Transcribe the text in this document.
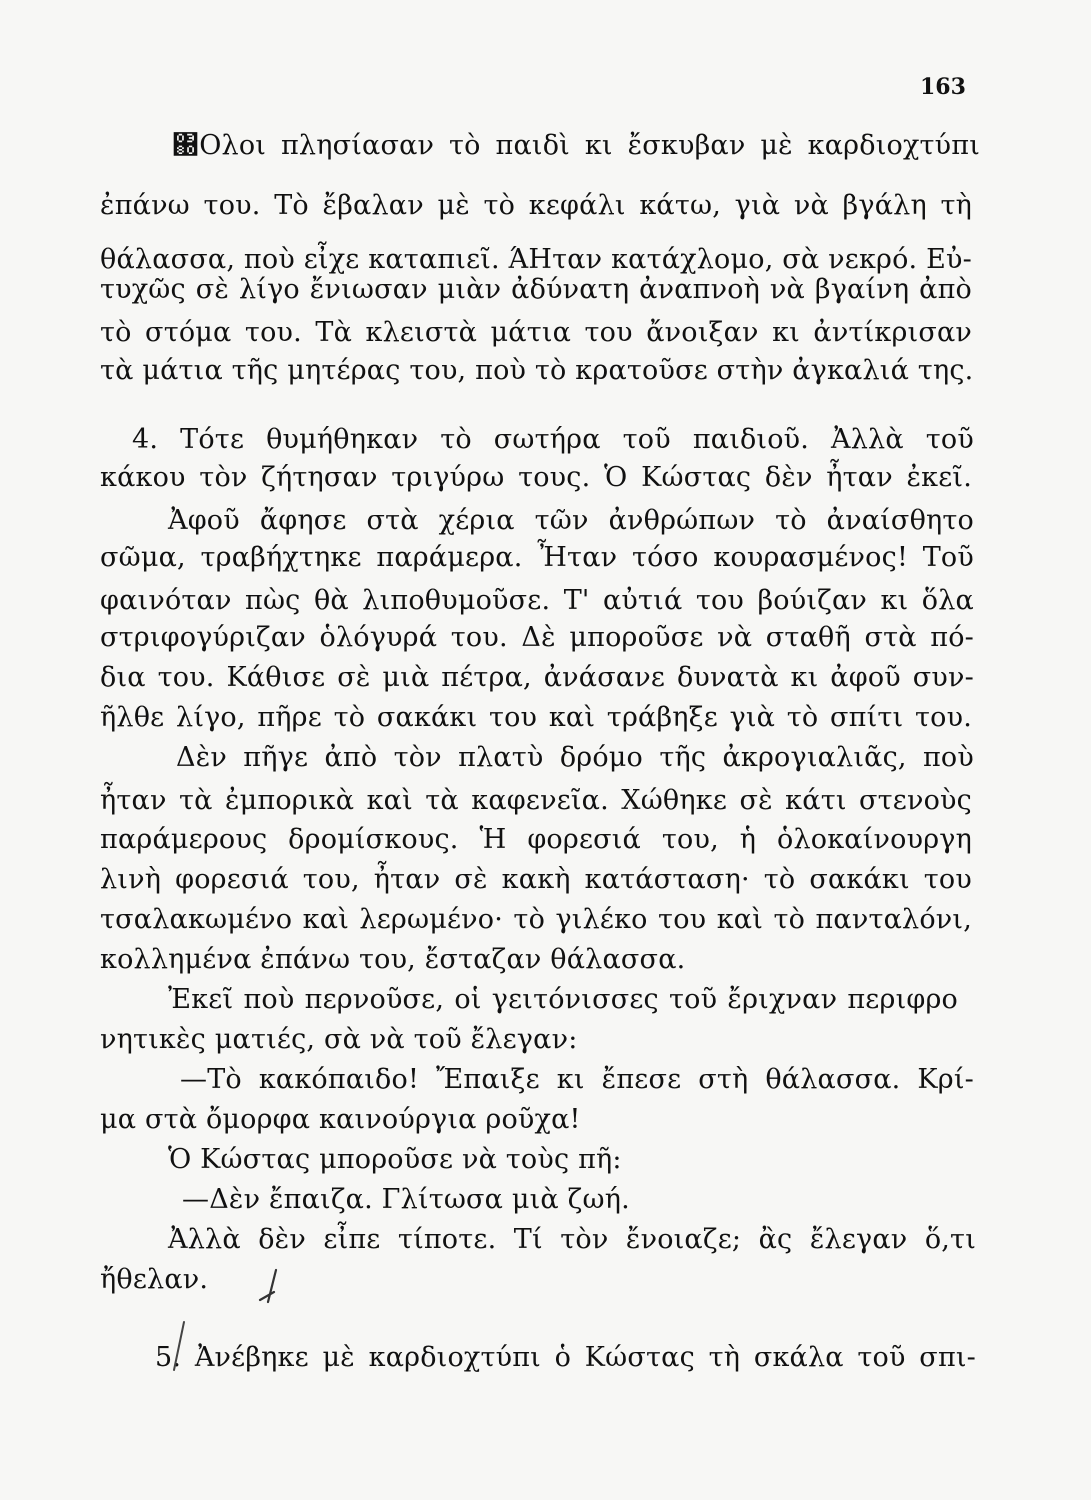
163
΀Ολοι πλησίασαν τὸ παιδὶ κι ἔσκυβαν μὲ καρδιοχτύπι
ἐπάνω του. Τὸ ἔβαλαν μὲ τὸ κεφάλι κάτω, γιὰ νὰ βγάλη τὴ
θάλασσα, ποὺ εἶχε καταπιεῖ. ΆΗταν κατάχλομο, σὰ νεκρό. Εὐ-
τυχῶς σὲ λίγο ἔνιωσαν μιὰν ἀδύνατη ἀναπνοὴ νὰ βγαίνη ἀπὸ
τὸ στόμα του. Τὰ κλειστὰ μάτια του ἄνοιξαν κι ἀντίκρισαν
τὰ μάτια τῆς μητέρας του, ποὺ τὸ κρατοῦσε στὴν ἀγκαλιά της.
4. Τότε θυμήθηκαν τὸ σωτήρα τοῦ παιδιοῦ. Ἀλλὰ τοῦ
κάκου τὸν ζήτησαν τριγύρω τους. Ὁ Κώστας δὲν ἦταν ἐκεῖ.
Ἀφοῦ ἄφησε στὰ χέρια τῶν ἀνθρώπων τὸ ἀναίσθητο
σῶμα, τραβήχτηκε παράμερα. Ἦταν τόσο κουρασμένος! Τοῦ
φαινόταν πὼς θὰ λιποθυμοῦσε. Τ' αὐτιά του βούιζαν κι ὅλα
στριφογύριζαν ὁλόγυρά του. Δὲ μποροῦσε νὰ σταθῆ στὰ πό-
δια του. Κάθισε σὲ μιὰ πέτρα, ἀνάσανε δυνατὰ κι ἀφοῦ συν-
ῆλθε λίγο, πῆρε τὸ σακάκι του καὶ τράβηξε γιὰ τὸ σπίτι του.
Δὲν πῆγε ἀπὸ τὸν πλατὺ δρόμο τῆς ἀκρογιαλιᾶς, ποὺ
ἦταν τὰ ἐμπορικὰ καὶ τὰ καφενεῖα. Χώθηκε σὲ κάτι στενοὺς
παράμερους δρομίσκους. Ἡ φορεσιά του, ἡ ὁλοκαίνουργη
λινὴ φορεσιά του, ἦταν σὲ κακὴ κατάσταση· τὸ σακάκι του
τσαλακωμένο καὶ λερωμένο· τὸ γιλέκο του καὶ τὸ πανταλόνι,
κολλημένα ἐπάνω του, ἔσταζαν θάλασσα.
Ἐκεῖ ποὺ περνοῦσε, οἱ γειτόνισσες τοῦ ἔριχναν περιφρο
νητικὲς ματιές, σὰ νὰ τοῦ ἔλεγαν:
—Τὸ κακόπαιδο! Ἔπαιξε κι ἔπεσε στὴ θάλασσα. Κρί-
μα στὰ ὄμορφα καινούργια ροῦχα!
Ὁ Κώστας μποροῦσε νὰ τοὺς πῆ:
—Δὲν ἔπαιζα. Γλίτωσα μιὰ ζωή.
Ἀλλὰ δὲν εἶπε τίποτε. Τί τὸν ἔνοιαζε; ἂς ἔλεγαν ὅ,τι
ἤθελαν.
5. Ἀνέβηκε μὲ καρδιοχτύπι ὁ Κώστας τὴ σκάλα τοῦ σπι-
